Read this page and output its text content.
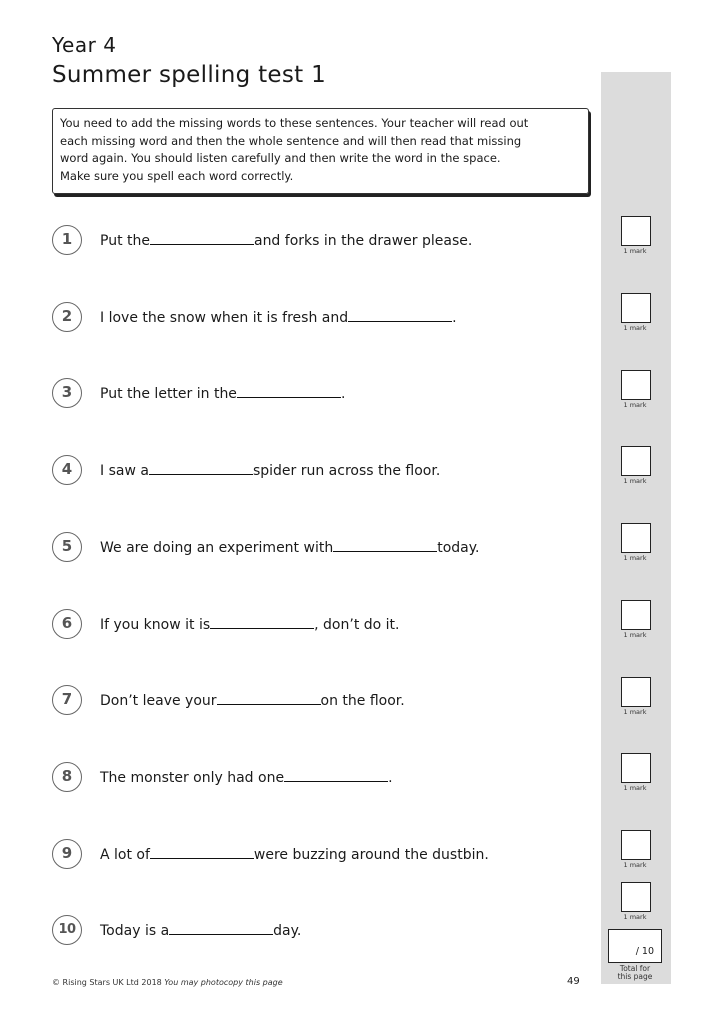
Year 4
Summer spelling test 1
You need to add the missing words to these sentences. Your teacher will read out
each missing word and then the whole sentence and will then read that missing
word again. You should listen carefully and then write the word in the space.
Make sure you spell each word correctly.
1	Put the	and forks in the drawer please.
1 mark
2	I love the snow when it is fresh and	.
1 mark
3	Put the letter in the	.
1 mark
4	I saw a	spider run across the floor.
1 mark
5	We are doing an experiment with	today.
1 mark
6	If you know it is	, don’t do it.
1 mark
7	Don’t leave your	on the floor.
1 mark
8	The monster only had one	.
1 mark
9	A lot of	were buzzing around the dustbin.
1 mark
10	Today is a	day.
1 mark
/ 10
Total for
this page
© Rising Stars UK Ltd 2018 You may photocopy this page	49
